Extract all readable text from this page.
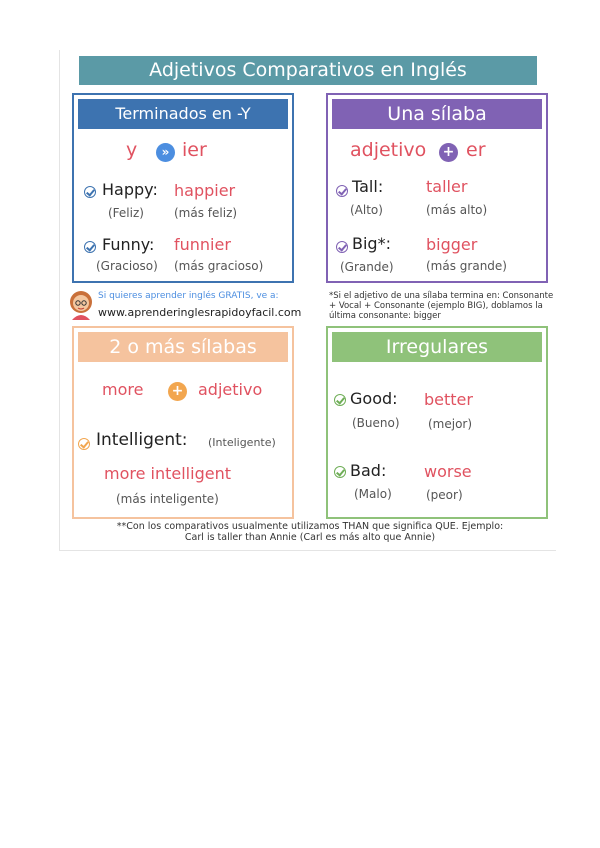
Adjetivos Comparativos en Inglés
Terminados en -Y
y	» ier
Happy: happier
(Feliz)	(más feliz)
Funny: funnier
(Gracioso) (más gracioso)
Una sílaba
adjetivo + er
Tall:	taller
(Alto)	(más alto)
Big*: bigger
(Grande)	(más grande)
Si quieres aprender inglés GRATIS, ve a:
www.aprenderinglesrapidoyfacil.com
*Si el adjetivo de una sílaba termina en: Consonante + Vocal + Consonante (ejemplo BIG), doblamos la última consonante: bigger
2 o más sílabas
more + adjetivo
Intelligent: (Inteligente)
more intelligent
(más inteligente)
Irregulares
Good: better
(Bueno) (mejor)
Bad: worse
(Malo)	(peor)
**Con los comparativos usualmente utilizamos THAN que significa QUE. Ejemplo:
Carl is taller than Annie (Carl es más alto que Annie)
